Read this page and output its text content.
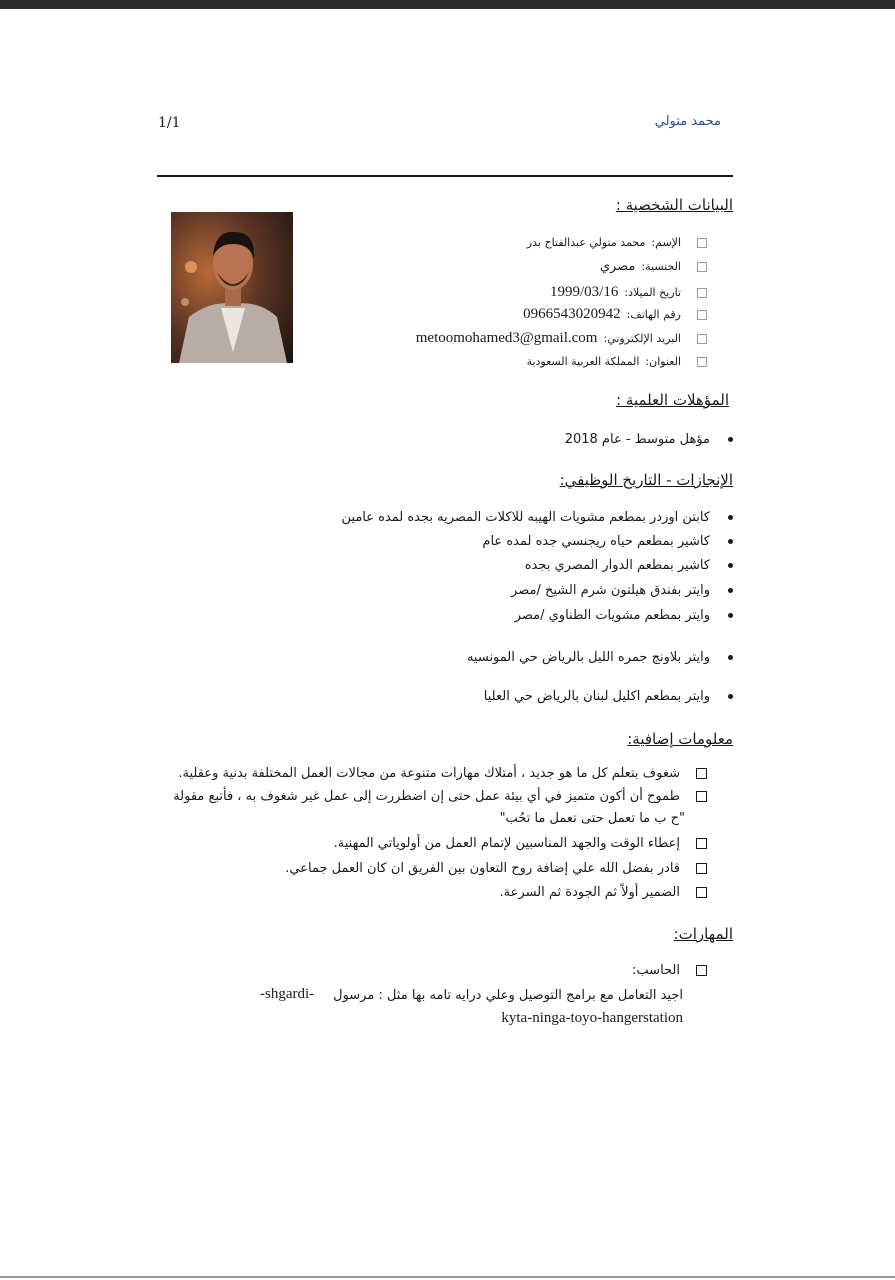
محمد متولي
1/1
البيانات الشخصية :
الإسم:محمد متولي عبدالفتاح بدر
الجنسية:مصري
تاريخ الميلاد:1999/03/16
رقم الهاتف:0966543020942
البريد الإلكتروني:metoomohamed3@gmail.com
العنوان:المملكة العربية السعودية
المؤهلات العلمية :
مؤهل متوسط - عام 2018
الإنجازات - التاريخ الوظيفي:
كابتن اوردر بمطعم مشويات الهيبه للاكلات المصريه بجده لمده عامين
كاشير بمطعم حياه ريجنسي جده لمده عام
كاشير بمطعم الدوار المصري بجده
وايتر بفندق هيلتون شرم الشيخ /مصر
وايتر بمطعم مشويات الطناوي /مصر
وايتر بلاونج جمره الليل بالرياض حي المونسيه
وايتر بمطعم اكليل لبنان بالرياض حي العليا
معلومات إضافية:
شغوف بتعلم كل ما هو جديد ، أمتلاك مهارات متنوعة من مجالات العمل المختلفة بدنية وعقلية.
طموح أن أكون متميز في أي بيئة عمل حتى إن اضطررت إلى عمل غير شغوف به ، فأتبع مقولة
"ح ب ما تعمل حتى تعمل ما تحُب"
إعطاء الوقت والجهد المناسبين لإتمام العمل من أولوياتي المهنية.
قادر بفضل الله علي إضافة روح التعاون بين الفريق ان كان العمل جماعي.
الضمير أولاً ثم الجودة ثم السرعة.
المهارات:
الحاسب:
اجيد التعامل مع برامج التوصيل وعلي درايه تامه بها مثل : مرسول
-shgardi-
kyta-ninga-toyo-hangerstation
